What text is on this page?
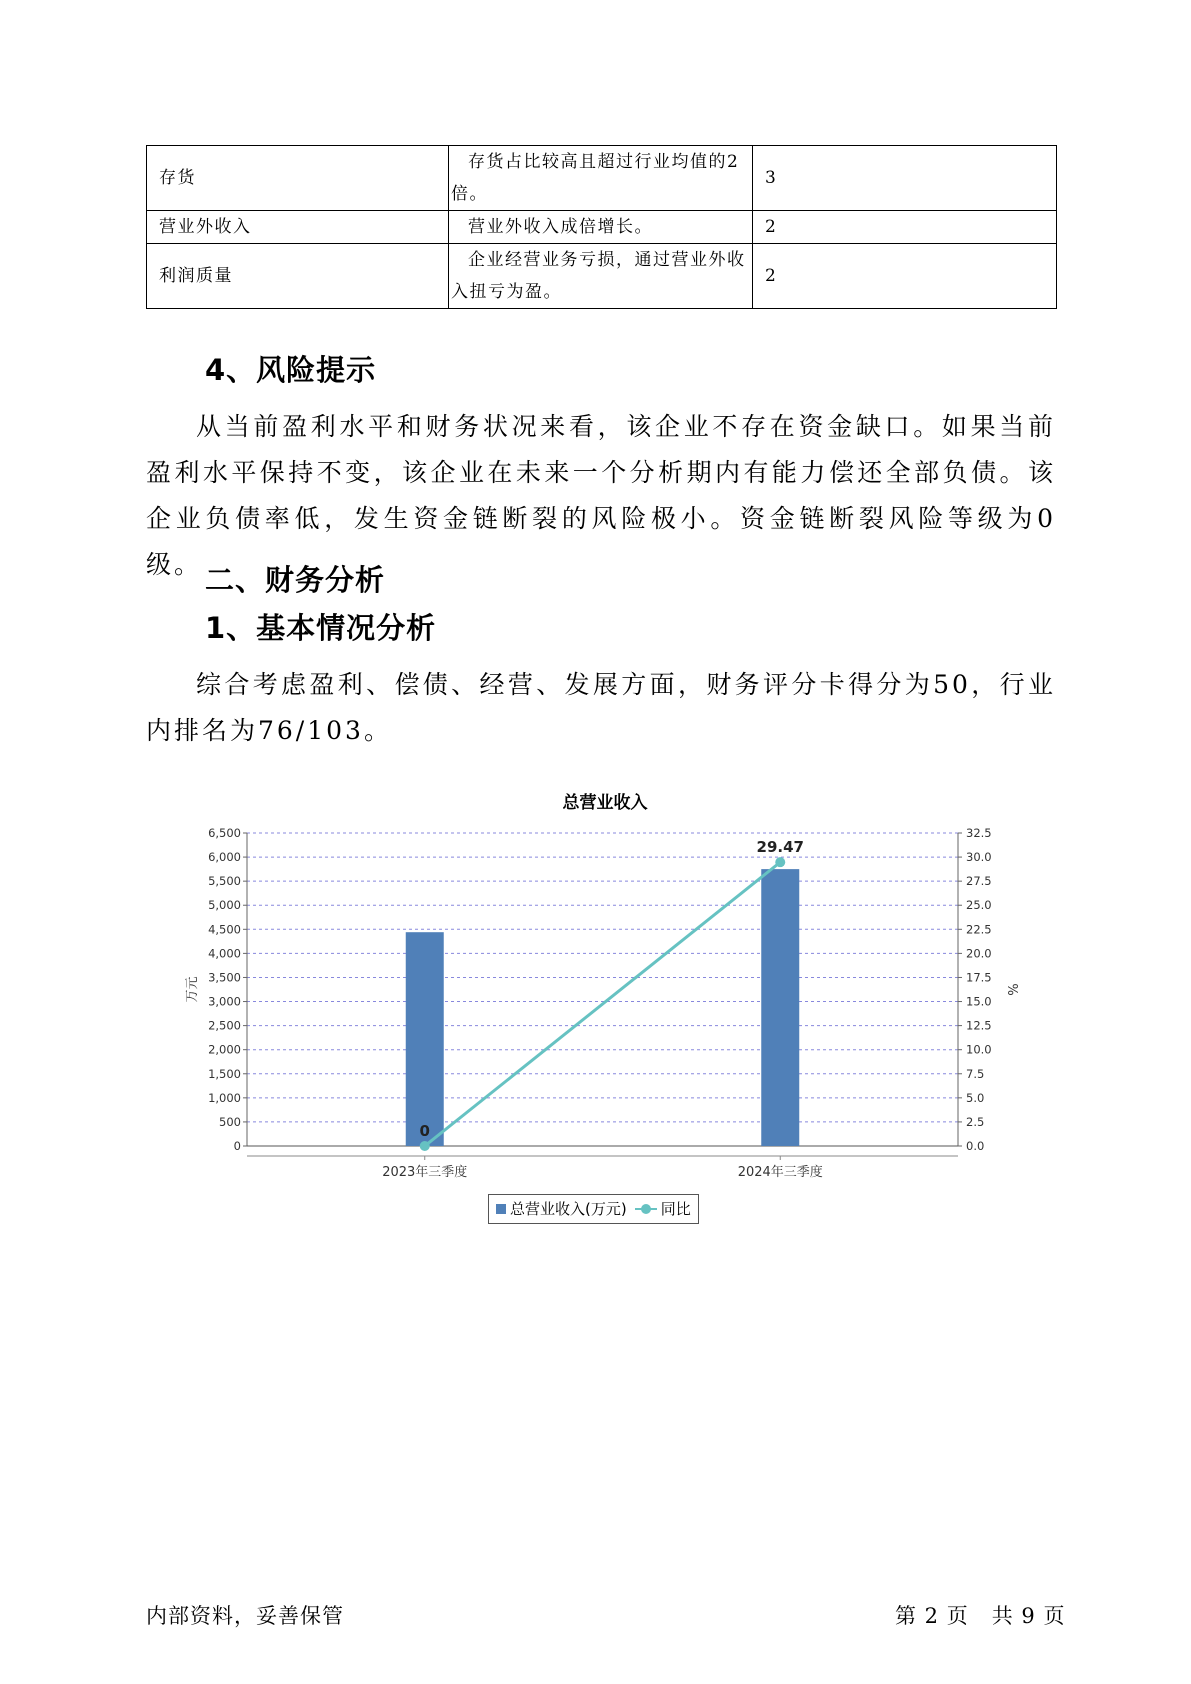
存货	存货占比较高且超过行业均值的2倍。	3
营业外收入	营业外收入成倍增长。	2
利润质量	企业经营业务亏损，通过营业外收入扭亏为盈。	2
4、风险提示

从当前盈利水平和财务状况来看，该企业不存在资金缺口。如果当前盈利水平保持不变，该企业在未来一个分析期内有能力偿还全部负债。该企业负债率低，发生资金链断裂的风险极小。资金链断裂风险等级为0级。 二、财务分析
1、基本情况分析

综合考虑盈利、偿债、经营、发展方面，财务评分卡得分为50，行业内排名为76/103。

总营业收入
0
500
1,000
1,500
2,000
2,500
3,000
3,500
4,000
4,500
5,000
5,500
6,000
6,500
0.0
2.5
5.0
7.5
10.0
12.5
15.0
17.5
20.0
22.5
25.0
27.5
30.0
32.5
万元	%
2023年三季度	2024年三季度
0
29.47
总营业收入(万元) 同比
内部资料，妥善保管	第 2 页   共 9 页
